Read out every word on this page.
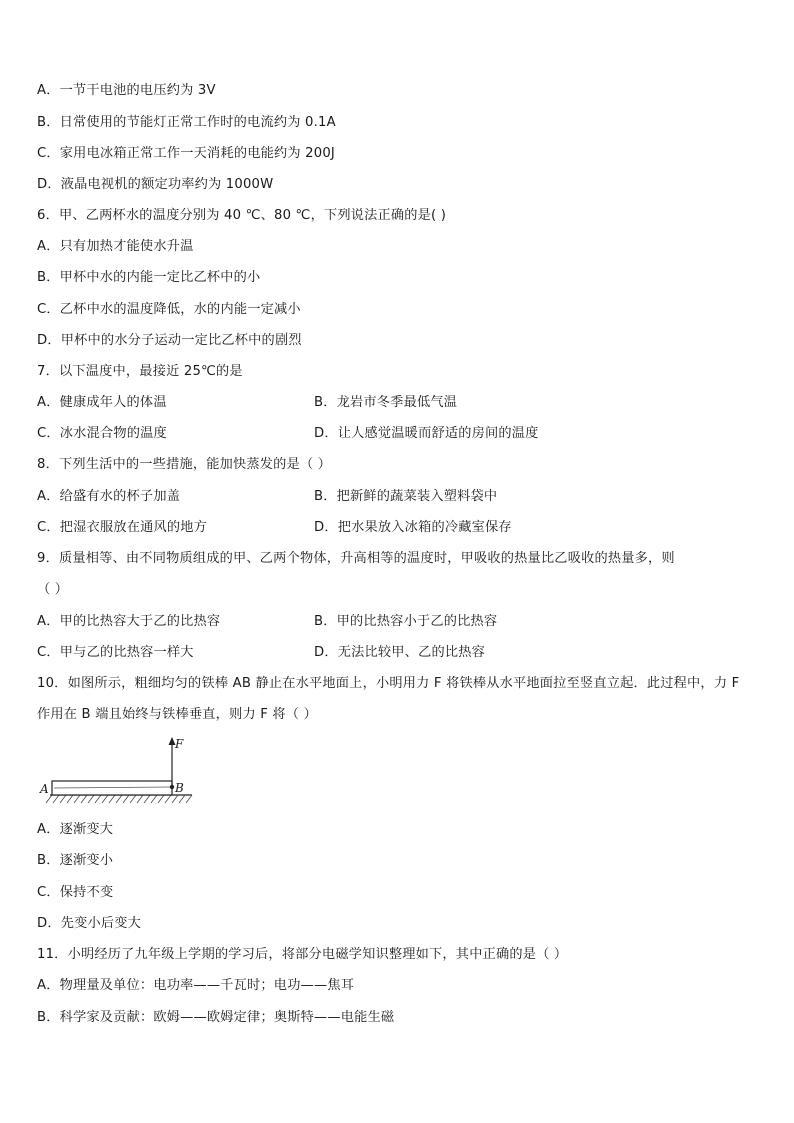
A．一节干电池的电压约为 3V
B．日常使用的节能灯正常工作时的电流约为 0.1A
C．家用电冰箱正常工作一天消耗的电能约为 200J
D．液晶电视机的额定功率约为 1000W
6．甲、乙两杯水的温度分别为 40 ℃、80 ℃，下列说法正确的是( )
A．只有加热才能使水升温
B．甲杯中水的内能一定比乙杯中的小
C．乙杯中水的温度降低，水的内能一定减小
D．甲杯中的水分子运动一定比乙杯中的剧烈
7．以下温度中，最接近 25℃的是
A．健康成年人的体温	B．龙岩市冬季最低气温
C．冰水混合物的温度	D．让人感觉温暖而舒适的房间的温度
8．下列生活中的一些措施，能加快蒸发的是（ ）
A．给盛有水的杯子加盖	B．把新鲜的蔬菜装入塑料袋中
C．把湿衣服放在通风的地方	D．把水果放入冰箱的冷藏室保存
9．质量相等、由不同物质组成的甲、乙两个物体，升高相等的温度时，甲吸收的热量比乙吸收的热量多，则
（ ）
A．甲的比热容大于乙的比热容	B．甲的比热容小于乙的比热容
C．甲与乙的比热容一样大	D．无法比较甲、乙的比热容
10．如图所示，粗细均匀的铁棒 AB 静止在水平地面上，小明用力 F 将铁棒从水平地面拉至竖直立起．此过程中，力 F
作用在 B 端且始终与铁棒垂直，则力 F 将（ ）
A	B
F
A．逐渐变大
B．逐渐变小
C．保持不变
D．先变小后变大
11．小明经历了九年级上学期的学习后，将部分电磁学知识整理如下，其中正确的是（ ）
A．物理量及单位：电功率——千瓦时；电功——焦耳
B．科学家及贡献：欧姆——欧姆定律；奥斯特——电能生磁
